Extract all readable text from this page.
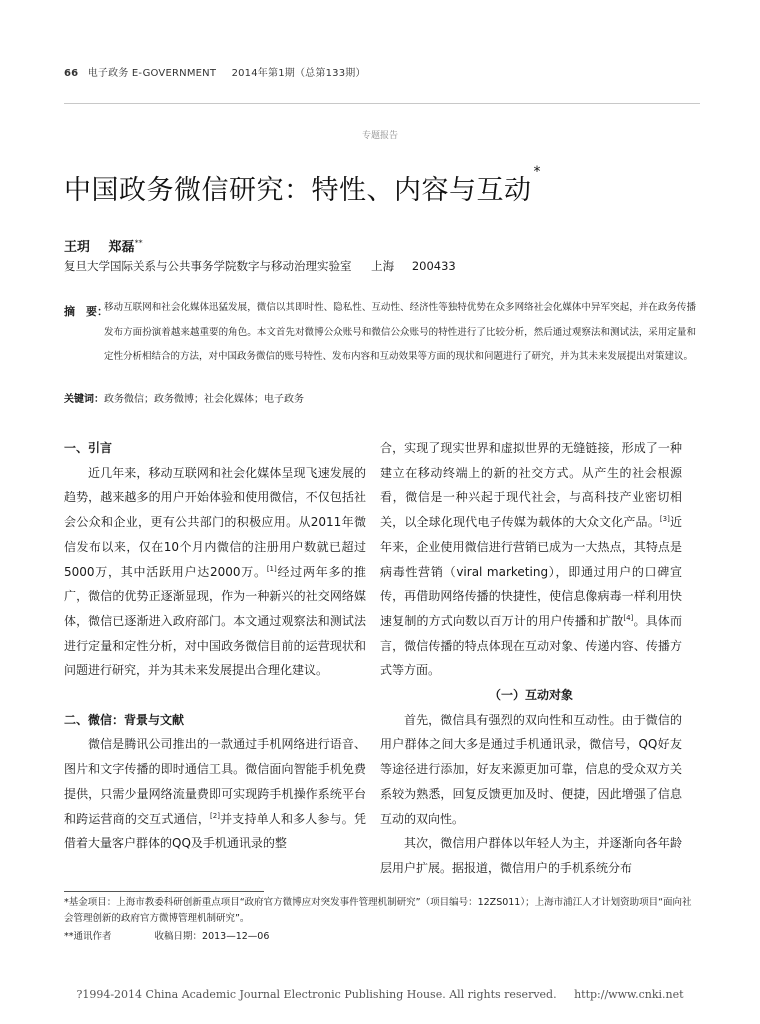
66 电子政务 E-GOVERNMENT 2014年第1期（总第133期）
专题报告
中国政务微信研究：特性、内容与互动*
王玥 郑磊**
复旦大学国际关系与公共事务学院数字与移动治理实验室 上海 200433
摘　要：
移动互联网和社会化媒体迅猛发展，微信以其即时性、隐私性、互动性、经济性等独特优势在众多网络社会化媒体中异军突起，并在政务传播发布方面扮演着越来越重要的角色。本文首先对微博公众账号和微信公众账号的特性进行了比较分析，然后通过观察法和测试法，采用定量和定性分析相结合的方法，对中国政务微信的账号特性、发布内容和互动效果等方面的现状和问题进行了研究，并为其未来发展提出对策建议。
关键词：政务微信；政务微博；社会化媒体；电子政务
一、引言

近几年来，移动互联网和社会化媒体呈现飞速发展的趋势，越来越多的用户开始体验和使用微信，不仅包括社会公众和企业，更有公共部门的积极应用。从2011年微信发布以来，仅在10个月内微信的注册用户数就已超过5000万，其中活跃用户达2000万。[1]经过两年多的推广，微信的优势正逐渐显现，作为一种新兴的社交网络媒体，微信已逐渐进入政府部门。本文通过观察法和测试法进行定量和定性分析，对中国政务微信目前的运营现状和问题进行研究，并为其未来发展提出合理化建议。

二、微信：背景与文献

微信是腾讯公司推出的一款通过手机网络进行语音、图片和文字传播的即时通信工具。微信面向智能手机免费提供，只需少量网络流量费即可实现跨手机操作系统平台和跨运营商的交互式通信，[2]并支持单人和多人参与。凭借着大量客户群体的QQ及手机通讯录的整

合，实现了现实世界和虚拟世界的无缝链接，形成了一种建立在移动终端上的新的社交方式。从产生的社会根源看，微信是一种兴起于现代社会，与高科技产业密切相关，以全球化现代电子传媒为载体的大众文化产品。[3]近年来，企业使用微信进行营销已成为一大热点，其特点是病毒性营销（viral marketing），即通过用户的口碑宣传，再借助网络传播的快捷性，使信息像病毒一样利用快速复制的方式向数以百万计的用户传播和扩散[4]。具体而言，微信传播的特点体现在互动对象、传递内容、传播方式等方面。

（一）互动对象

首先，微信具有强烈的双向性和互动性。由于微信的用户群体之间大多是通过手机通讯录，微信号，QQ好友等途径进行添加，好友来源更加可靠，信息的受众双方关系较为熟悉，回复反馈更加及时、便捷，因此增强了信息互动的双向性。

其次，微信用户群体以年轻人为主，并逐渐向各年龄层用户扩展。据报道，微信用户的手机系统分布

*基金项目：上海市教委科研创新重点项目“政府官方微博应对突发事件管理机制研究”（项目编号：12ZS011）；上海市浦江人才计划资助项目“面向社会管理创新的政府官方微博管理机制研究”。
**通讯作者	收稿日期：2013—12—06
?1994-2014 China Academic Journal Electronic Publishing House. All rights reserved. http://www.cnki.net
